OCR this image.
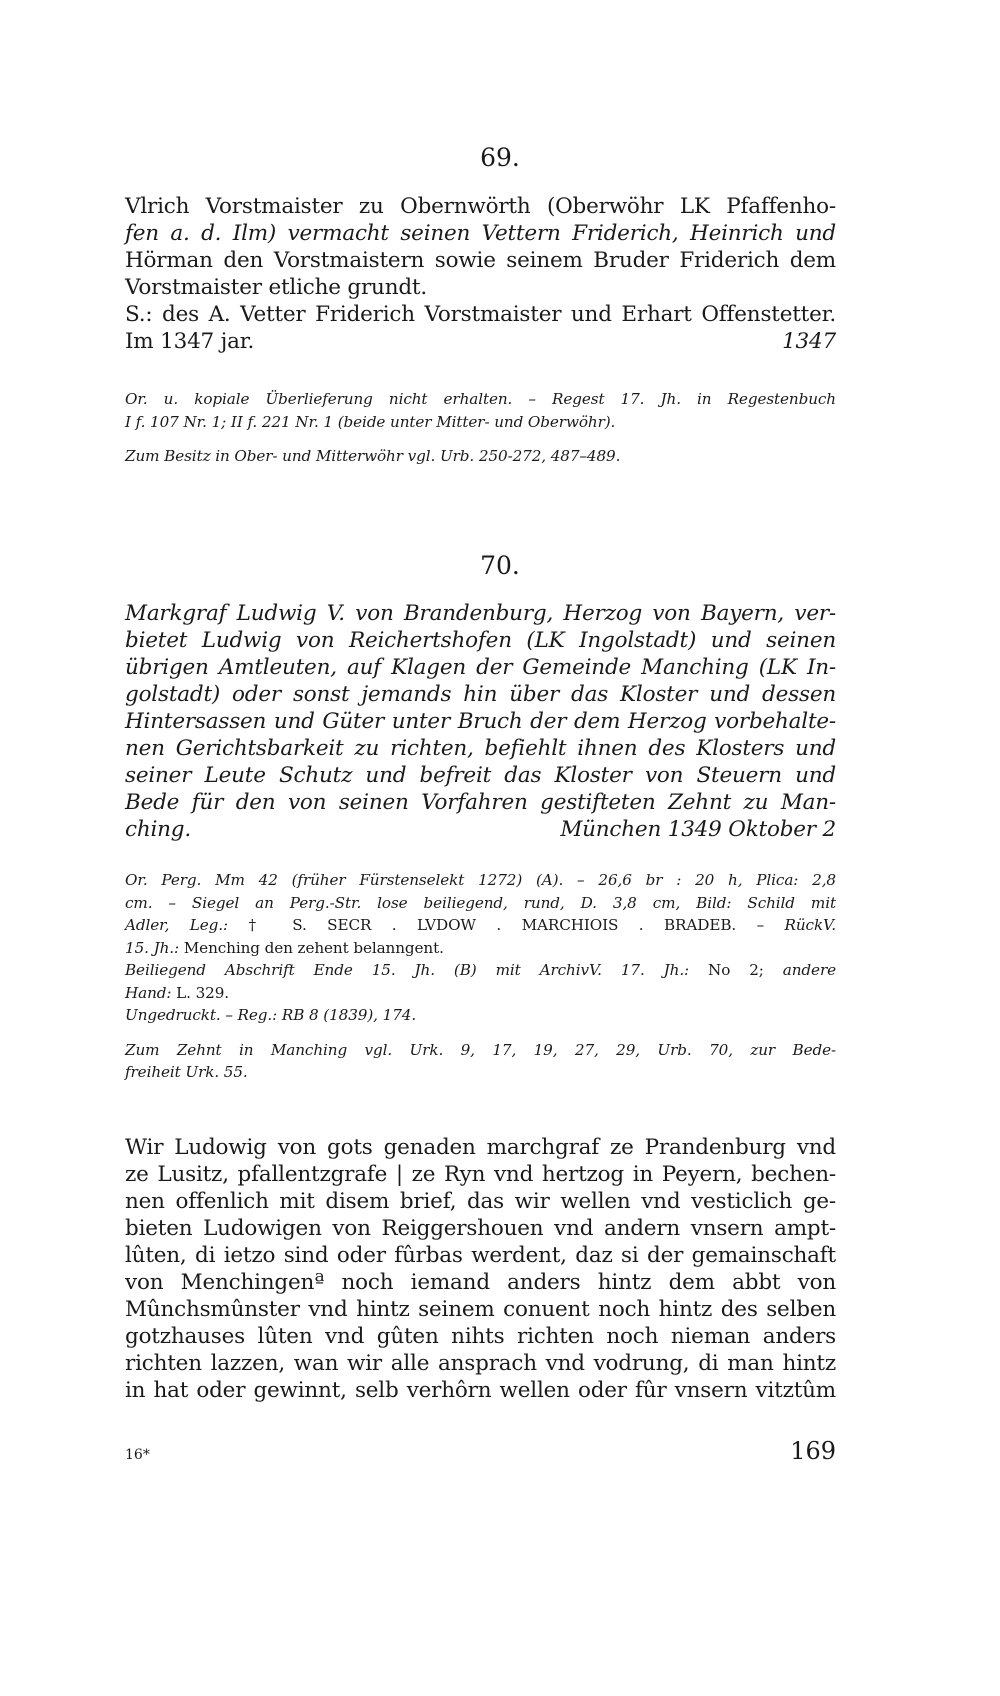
69.
Vlrich Vorstmaister zu Obernwörth (Oberwöhr LK Pfaffenho-
fen a. d. Ilm) vermacht seinen Vettern Friderich, Heinrich und
Hörman den Vorstmaistern sowie seinem Bruder Friderich dem
Vorstmaister etliche grundt.
S.: des A. Vetter Friderich Vorstmaister und Erhart Offenstetter.
Im 1347 jar.	1347
Or. u. kopiale Überlieferung nicht erhalten. – Regest 17. Jh. in Regestenbuch
I f. 107 Nr. 1; II f. 221 Nr. 1 (beide unter Mitter- und Oberwöhr).
Zum Besitz in Ober- und Mitterwöhr vgl. Urb. 250-272, 487–489.
70.
Markgraf Ludwig V. von Brandenburg, Herzog von Bayern, ver-
bietet Ludwig von Reichertshofen (LK Ingolstadt) und seinen
übrigen Amtleuten, auf Klagen der Gemeinde Manching (LK In-
golstadt) oder sonst jemands hin über das Kloster und dessen
Hintersassen und Güter unter Bruch der dem Herzog vorbehalte-
nen Gerichtsbarkeit zu richten, befiehlt ihnen des Klosters und
seiner Leute Schutz und befreit das Kloster von Steuern und
Bede für den von seinen Vorfahren gestifteten Zehnt zu Man-
ching.	München 1349 Oktober 2
Or. Perg. Mm 42 (früher Fürstenselekt 1272) (A). – 26,6 br : 20 h, Plica: 2,8
cm. – Siegel an Perg.-Str. lose beiliegend, rund, D. 3,8 cm, Bild: Schild mit
Adler, Leg.: † S. SECR . LVDOW . MARCHIOIS . BRADEB. – RückV.
15. Jh.: Menching den zehent belanngent.
Beiliegend Abschrift Ende 15. Jh. (B) mit ArchivV. 17. Jh.: No 2; andere
Hand: L. 329.
Ungedruckt. – Reg.: RB 8 (1839), 174.
Zum Zehnt in Manching vgl. Urk. 9, 17, 19, 27, 29, Urb. 70, zur Bede-
freiheit Urk. 55.
Wir Ludowig von gots genaden marchgraf ze Prandenburg vnd
ze Lusitz, pfallentzgrafe | ze Ryn vnd hertzog in Peyern, bechen-
nen offenlich mit disem brief, das wir wellen vnd vesticlich ge-
bieten Ludowigen von Reiggershouen vnd andern vnsern ampt-
lûten, di ietzo sind oder fûrbas werdent, daz si der gemainschaft
von Menchingenª noch iemand anders hintz dem abbt von
Mûnchsmûnster vnd hintz seinem conuent noch hintz des selben
gotzhauses lûten vnd gûten nihts richten noch nieman anders
richten lazzen, wan wir alle ansprach vnd vodrung, di man hintz
in hat oder gewinnt, selb verhôrn wellen oder fûr vnsern vitztûm
16*	169
